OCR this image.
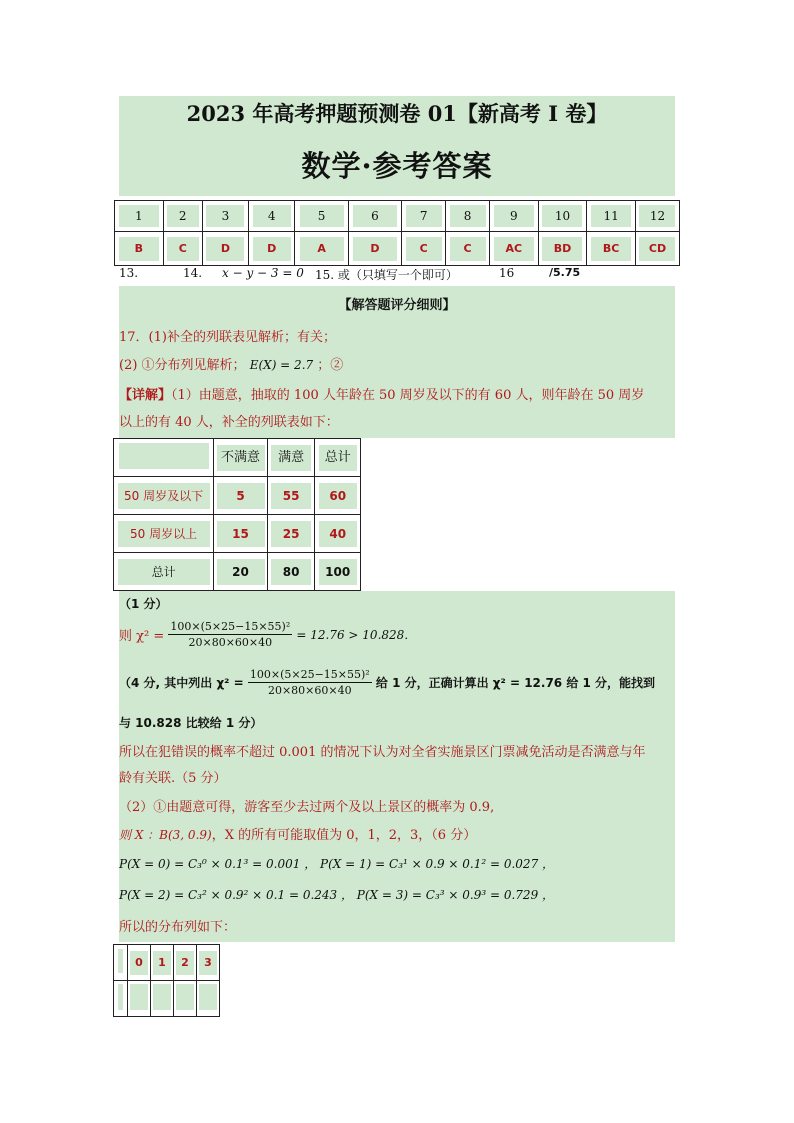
2023 年高考押题预测卷 01【新高考 I 卷】
数学·参考答案
1	2	3	4	5	6	7	8	9	10	11	12
B	C	D	D	A	D	C	C	AC	BD	BC	CD
13.	14. x − y − 3 = 0 15. 或（只填写一个即可）	16	/5.75
【解答题评分细则】
17．(1)补全的列联表见解析；有关；
(2) ①分布列见解析； E(X) = 2.7 ；②
【详解】（1）由题意，抽取的 100 人年龄在 50 周岁及以下的有 60 人，则年龄在 50 周岁
以上的有 40 人，补全的列联表如下：
	不满意	满意	总计
50 周岁及以下	5	55	60
50 周岁以上	15	25	40
总计	20	80	100
（1 分）
则 $\chi^2 = \frac{\text{100×(5×25−15×55)²}}{20\times 80\times 60\times 40} = 12.76 > 10.828$．
（4 分, 其中列出 $\chi^2 = \frac{\text{100×(5×25−15×55)²}}{20\times 80\times 60\times 40}$ 给 1 分，正确计算出 χ² = 12.76 给 1 分，能找到
与 10.828 比较给 1 分）
所以在犯错误的概率不超过 0.001 的情况下认为对全省实施景区门票减免活动是否满意与年
龄有关联.（5 分）
（2）①由题意可得，游客至少去过两个及以上景区的概率为 0.9,
则 X ：B(3, 0.9)，X 的所有可能取值为 0，1，2，3，（6 分）
P(X = 0) = C₃⁰ × 0.1³ = 0.001 ， P(X = 1) = C₃¹ × 0.9 × 0.1² = 0.027 ，
P(X = 2) = C₃² × 0.9² × 0.1 = 0.243 ， P(X = 3) = C₃³ × 0.9³ = 0.729 ，
所以的分布列如下：
	0	1	2	3
